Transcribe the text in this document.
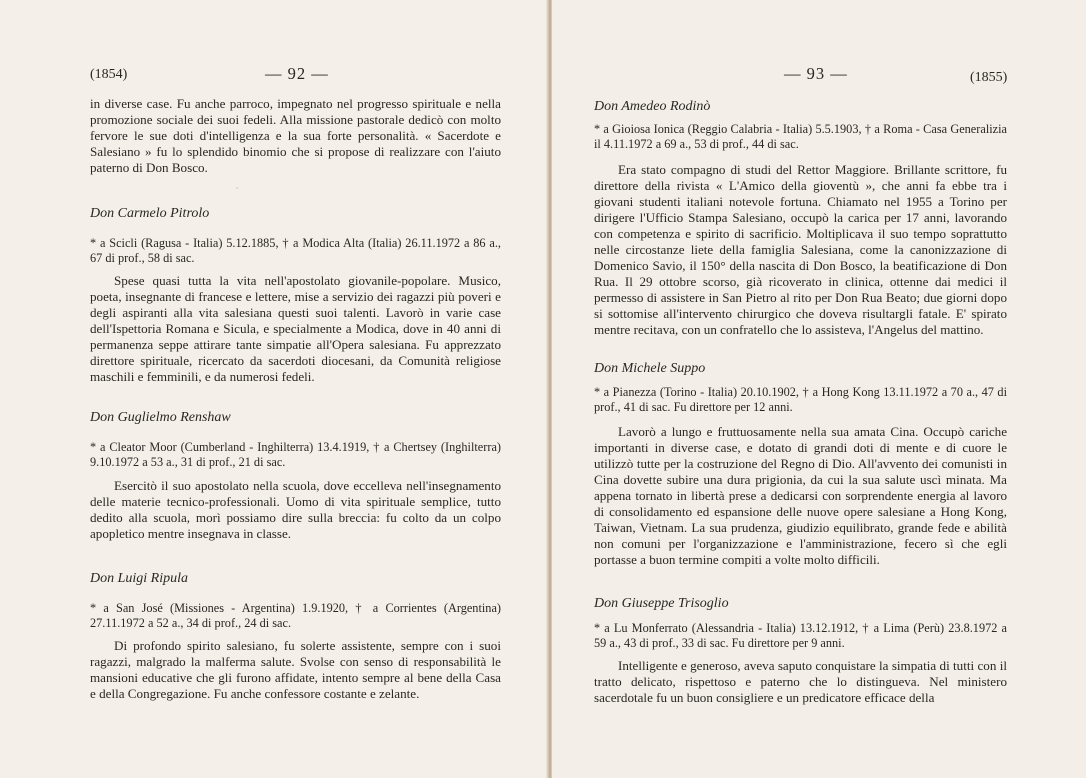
(1854)	— 92 —

in diverse case. Fu anche parroco, impegnato nel progresso spirituale e nella promozione sociale dei suoi fedeli. Alla missione pastorale dedicò con molto fervore le sue doti d'intelligenza e la sua forte personalità. « Sacerdote e Salesiano » fu lo splendido binomio che si propose di realizzare con l'aiuto paterno di Don Bosco.

⸱

Don Carmelo Pitrolo

* a Scicli (Ragusa - Italia) 5.12.1885, † a Modica Alta (Italia) 26.11.1972 a 86 a., 67 di prof., 58 di sac.

Spese quasi tutta la vita nell'apostolato giovanile-popolare. Musico, poeta, insegnante di francese e lettere, mise a servizio dei ragazzi più poveri e degli aspiranti alla vita salesiana questi suoi talenti. Lavorò in varie case dell'Ispettoria Romana e Sicula, e specialmente a Modica, dove in 40 anni di permanenza seppe attirare tante simpatie all'Opera salesiana. Fu apprezzato direttore spirituale, ricercato da sacerdoti diocesani, da Comunità religiose maschili e femminili, e da numerosi fedeli.

Don Guglielmo Renshaw

* a Cleator Moor (Cumberland - Inghilterra) 13.4.1919, † a Chertsey (Inghilterra) 9.10.1972 a 53 a., 31 di prof., 21 di sac.

Esercitò il suo apostolato nella scuola, dove eccelleva nell'insegnamento delle materie tecnico-professionali. Uomo di vita spirituale semplice, tutto dedito alla scuola, morì possiamo dire sulla breccia: fu colto da un colpo apopletico mentre insegnava in classe.

Don Luigi Ripula

* a San José (Missiones - Argentina) 1.9.1920, † a Corrientes (Argentina) 27.11.1972 a 52 a., 34 di prof., 24 di sac.

Di profondo spirito salesiano, fu solerte assistente, sempre con i suoi ragazzi, malgrado la malferma salute. Svolse con senso di responsabilità le mansioni educative che gli furono affidate, intento sempre al bene della Casa e della Congregazione. Fu anche confessore costante e zelante.

— 93 —	(1855)

Don Amedeo Rodinò

* a Gioiosa Ionica (Reggio Calabria - Italia) 5.5.1903, † a Roma - Casa Generalizia il 4.11.1972 a 69 a., 53 di prof., 44 di sac.

Era stato compagno di studi del Rettor Maggiore. Brillante scrittore, fu direttore della rivista « L'Amico della gioventù », che anni fa ebbe tra i giovani studenti italiani notevole fortuna. Chiamato nel 1955 a Torino per dirigere l'Ufficio Stampa Salesiano, occupò la carica per 17 anni, lavorando con competenza e spirito di sacrificio. Moltiplicava il suo tempo soprattutto nelle circostanze liete della famiglia Salesiana, come la canonizzazione di Domenico Savio, il 150° della nascita di Don Bosco, la beatificazione di Don Rua. Il 29 ottobre scorso, già ricoverato in clinica, ottenne dai medici il permesso di assistere in San Pietro al rito per Don Rua Beato; due giorni dopo si sottomise all'intervento chirurgico che doveva risultargli fatale. E' spirato mentre recitava, con un confratello che lo assisteva, l'Angelus del mattino.

Don Michele Suppo

* a Pianezza (Torino - Italia) 20.10.1902, † a Hong Kong 13.11.1972 a 70 a., 47 di prof., 41 di sac. Fu direttore per 12 anni.

Lavorò a lungo e fruttuosamente nella sua amata Cina. Occupò cariche importanti in diverse case, e dotato di grandi doti di mente e di cuore le utilizzò tutte per la costruzione del Regno di Dio. All'avvento dei comunisti in Cina dovette subire una dura prigionia, da cui la sua salute uscì minata. Ma appena tornato in libertà prese a dedicarsi con sorprendente energia al lavoro di consolidamento ed espansione delle nuove opere salesiane a Hong Kong, Taiwan, Vietnam. La sua prudenza, giudizio equilibrato, grande fede e abilità non comuni per l'organizzazione e l'amministrazione, fecero sì che egli portasse a buon termine compiti a volte molto difficili.

Don Giuseppe Trisoglio

* a Lu Monferrato (Alessandria - Italia) 13.12.1912, † a Lima (Perù) 23.8.1972 a 59 a., 43 di prof., 33 di sac. Fu direttore per 9 anni.

Intelligente e generoso, aveva saputo conquistare la simpatia di tutti con il tratto delicato, rispettoso e paterno che lo distingueva. Nel ministero sacerdotale fu un buon consigliere e un predicatore efficace della
